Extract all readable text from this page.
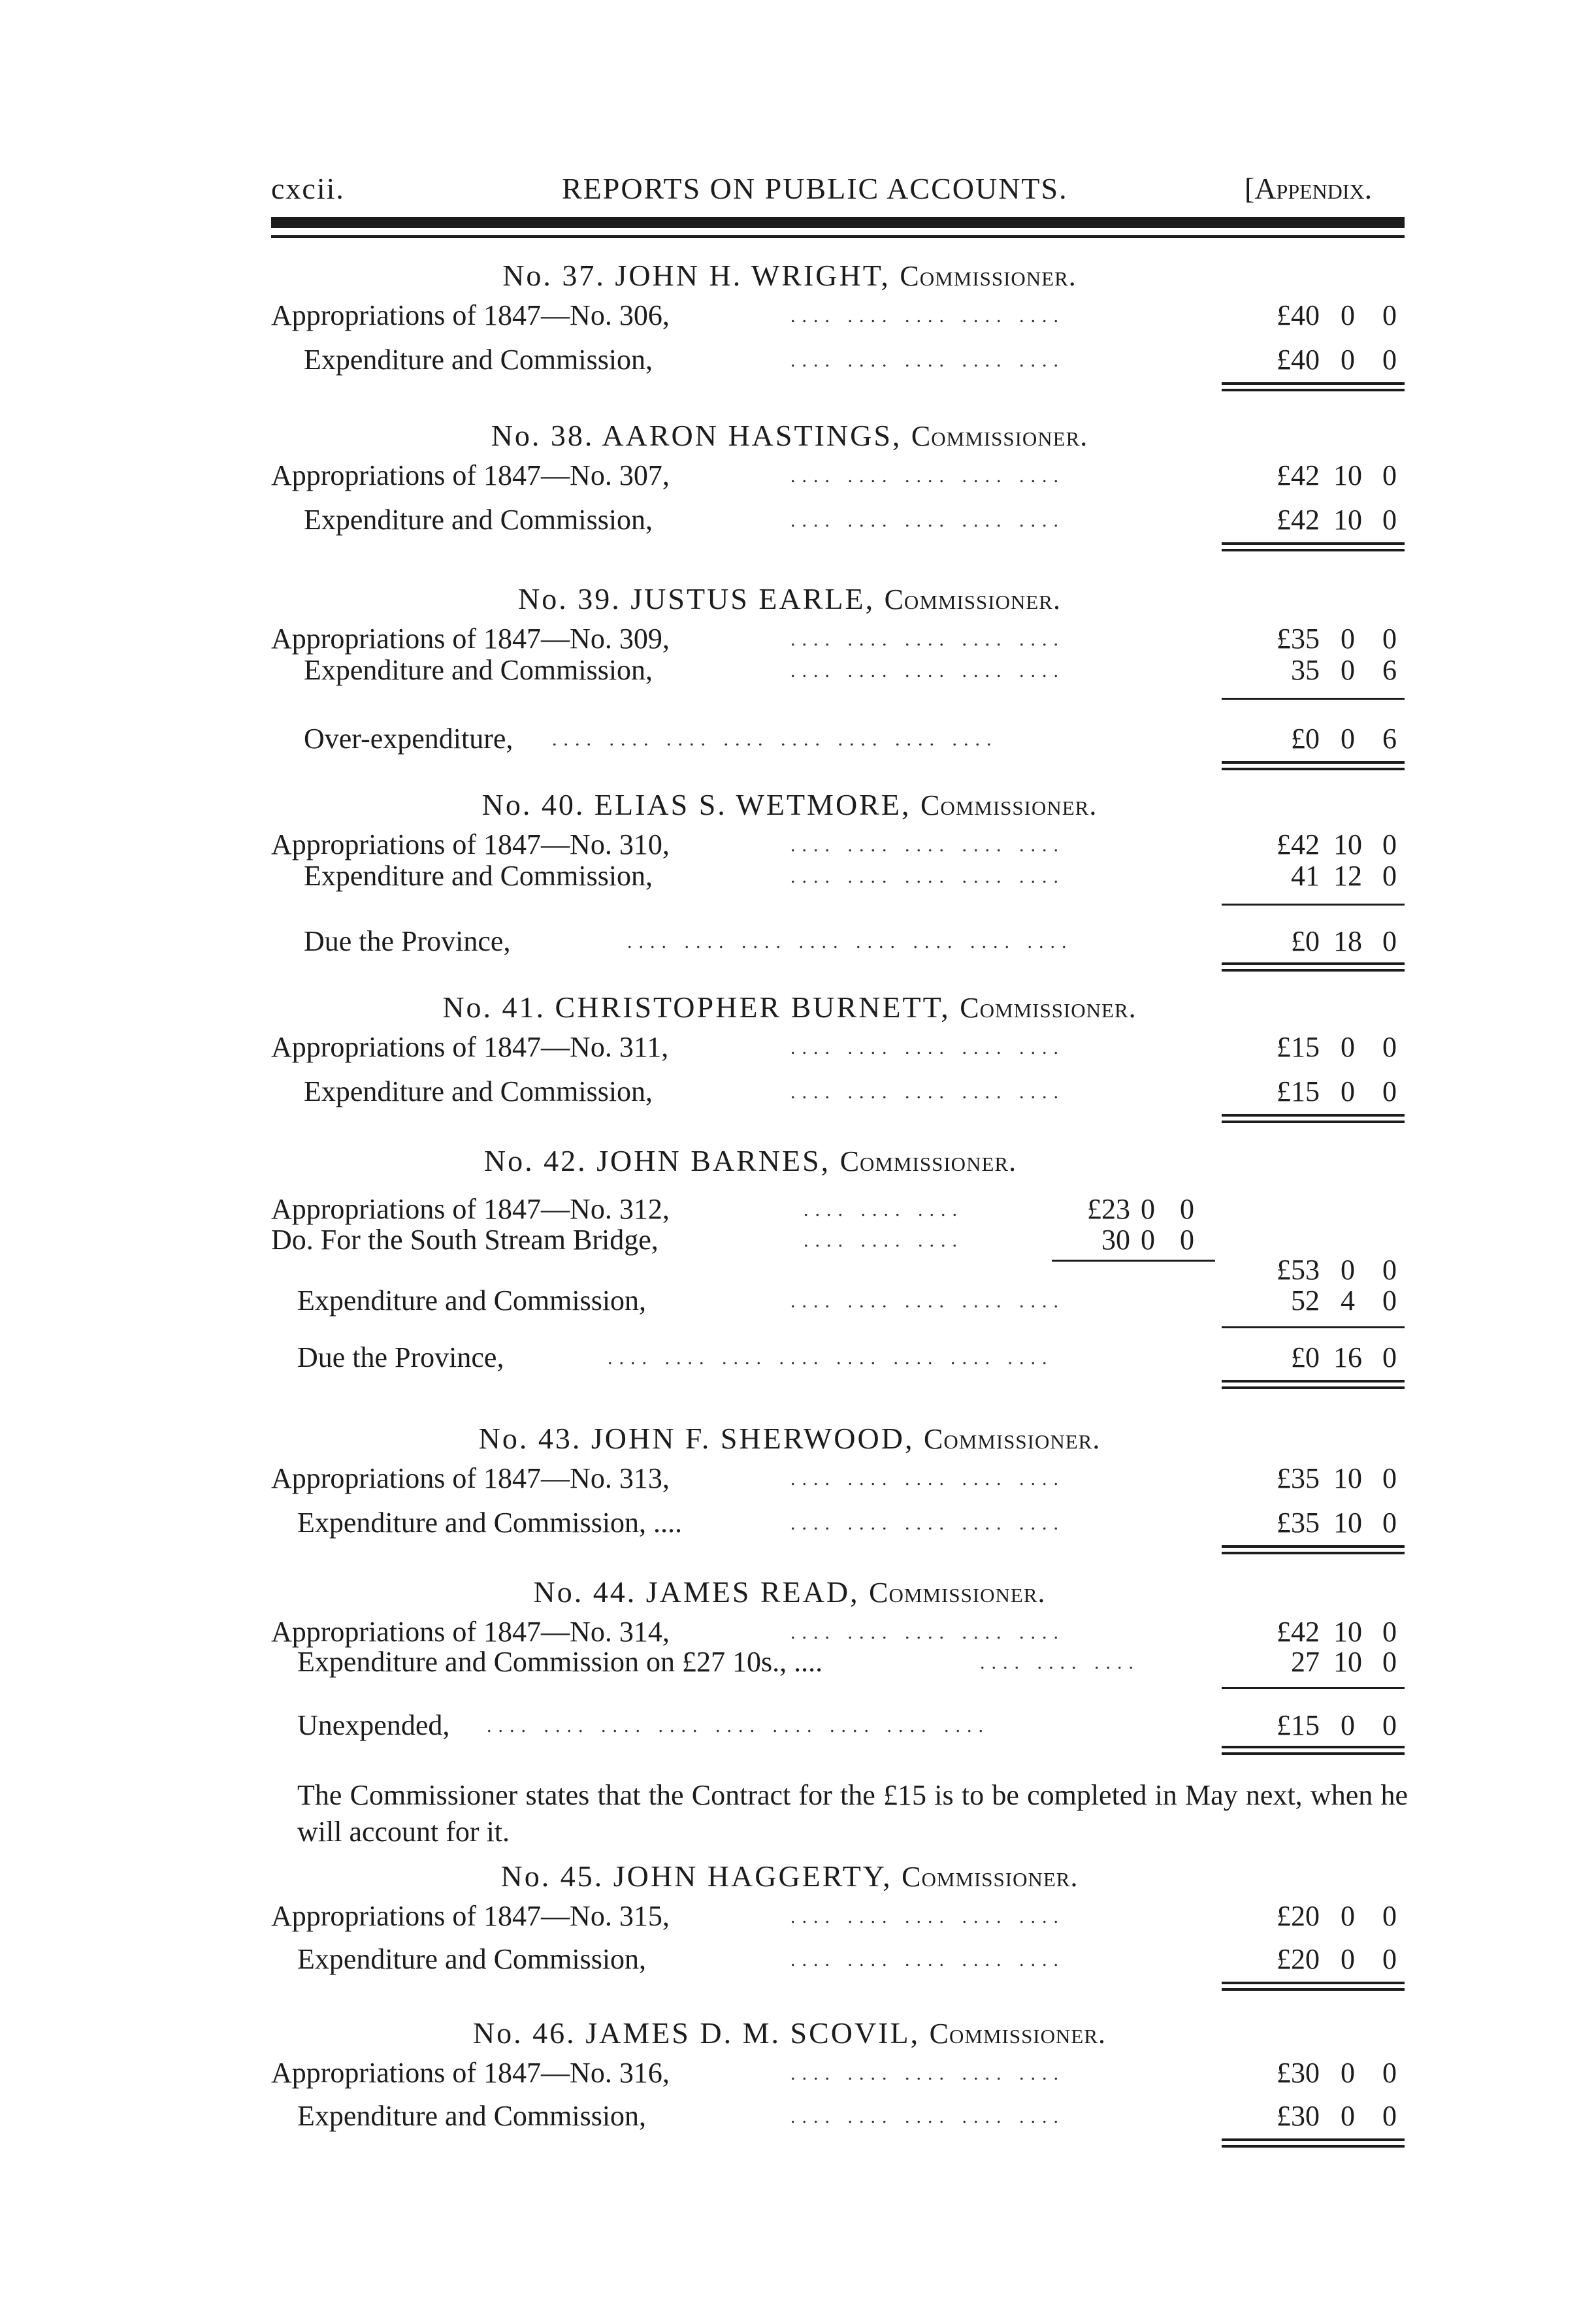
cxcii.	REPORTS ON PUBLIC ACCOUNTS.	[Appendix.
No. 37. JOHN H. WRIGHT, Commissioner.
Appropriations of 1847—No. 306,	.... .... .... .... ....	£40 0 0
Expenditure and Commission,	.... .... .... .... ....	£40 0 0
No. 38. AARON HASTINGS, Commissioner.
Appropriations of 1847—No. 307,	.... .... .... .... ....	£42 10 0
Expenditure and Commission,	.... .... .... .... ....	£42 10 0
No. 39. JUSTUS EARLE, Commissioner.
Appropriations of 1847—No. 309,	.... .... .... .... ....	£35 0 0
Expenditure and Commission,	.... .... .... .... ....	35 0 6
Over-expenditure, .... .... .... .... .... .... .... ....	£0 0 6
No. 40. ELIAS S. WETMORE, Commissioner.
Appropriations of 1847—No. 310,	.... .... .... .... ....	£42 10 0
Expenditure and Commission,	.... .... .... .... ....	41 12 0
Due the Province,	.... .... .... .... .... .... .... ....	£0 18 0
No. 41. CHRISTOPHER BURNETT, Commissioner.
Appropriations of 1847—No. 311,	.... .... .... .... ....	£15 0 0
Expenditure and Commission,	.... .... .... .... ....	£15 0 0
No. 42. JOHN BARNES, Commissioner.
Appropriations of 1847—No. 312,	.... .... ....	£23 0 0
Do. For the South Stream Bridge,	.... .... ....	30 0 0
£53 0 0
Expenditure and Commission,	.... .... .... .... ....	52 4 0
Due the Province,	.... .... .... .... .... .... .... ....	£0 16 0
No. 43. JOHN F. SHERWOOD, Commissioner.
Appropriations of 1847—No. 313,	.... .... .... .... ....	£35 10 0
Expenditure and Commission, ....	.... .... .... .... ....	£35 10 0
No. 44. JAMES READ, Commissioner.
Appropriations of 1847—No. 314,	.... .... .... .... ....	£42 10 0
Expenditure and Commission on £27 10s., ....	.... .... ....	27 10 0
Unexpended, .... .... .... .... .... .... .... .... ....	£15 0 0
The Commissioner states that the Contract for the £15 is to be completed in May next, when he will account for it.
No. 45. JOHN HAGGERTY, Commissioner.
Appropriations of 1847—No. 315,	.... .... .... .... ....	£20 0 0
Expenditure and Commission,	.... .... .... .... ....	£20 0 0
No. 46. JAMES D. M. SCOVIL, Commissioner.
Appropriations of 1847—No. 316,	.... .... .... .... ....	£30 0 0
Expenditure and Commission,	.... .... .... .... ....	£30 0 0
